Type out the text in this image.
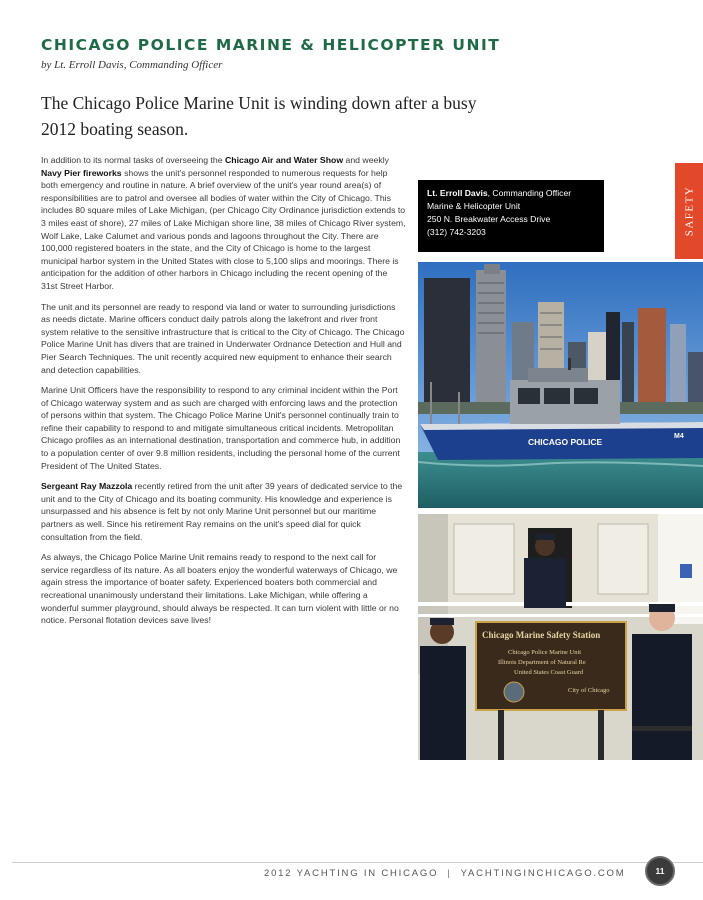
CHICAGO POLICE MARINE & HELICOPTER UNIT
by Lt. Erroll Davis, Commanding Officer
The Chicago Police Marine Unit is winding down after a busy 2012 boating season.

In addition to its normal tasks of overseeing the Chicago Air and Water Show and weekly Navy Pier fireworks shows the unit's personnel responded to numerous requests for help both emergency and routine in nature. A brief overview of the unit's year round area(s) of responsibilities are to patrol and oversee all bodies of water within the City of Chicago. This includes 80 square miles of Lake Michigan, (per Chicago City Ordinance jurisdiction extends to 3 miles east of shore), 27 miles of Lake Michigan shore line, 38 miles of Chicago River system, Wolf Lake, Lake Calumet and various ponds and lagoons throughout the City. There are 100,000 registered boaters in the state, and the City of Chicago is home to the largest municipal harbor system in the United States with close to 5,100 slips and moorings. There is anticipation for the addition of other harbors in Chicago including the recent opening of the 31st Street Harbor.

The unit and its personnel are ready to respond via land or water to surrounding jurisdictions as needs dictate. Marine officers conduct daily patrols along the lakefront and river front system relative to the sensitive infrastructure that is critical to the City of Chicago. The Chicago Police Marine Unit has divers that are trained in Underwater Ordnance Detection and Hull and Pier Search Techniques. The unit recently acquired new equipment to enhance their search and detection capabilities.

Marine Unit Officers have the responsibility to respond to any criminal incident within the Port of Chicago waterway system and as such are charged with enforcing laws and the protection of persons within that system. The Chicago Police Marine Unit's personnel continually train to refine their capability to respond to and mitigate simultaneous critical incidents. Metropolitan Chicago profiles as an international destination, transportation and commerce hub, in addition to a population center of over 9.8 million residents, including the personal home of the current President of The United States.

Sergeant Ray Mazzola recently retired from the unit after 39 years of dedicated service to the unit and to the City of Chicago and its boating community. His knowledge and experience is unsurpassed and his absence is felt by not only Marine Unit personnel but our maritime partners as well. Since his retirement Ray remains on the unit's speed dial for quick consultation from the field.

As always, the Chicago Police Marine Unit remains ready to respond to the next call for service regardless of its nature. As all boaters enjoy the wonderful waterways of Chicago, we again stress the importance of boater safety. Experienced boaters both commercial and recreational unanimously understand their limitations. Lake Michigan, while offering a wonderful summer playground, should always be respected. It can turn violent with little or no notice. Personal flotation devices save lives!

Lt. Erroll Davis, Commanding Officer
Marine & Helicopter Unit
250 N. Breakwater Access Drive
(312) 742-3203	SAFETY
CHICAGO POLICE
M4
Chicago Marine Safety Station
Chicago Police Marine Unit
Illinois Department of Natural Re
United States Coast Guard
City of Chicago
2012 YACHTING IN CHICAGO | YACHTINGINCHICAGO.COM	11
